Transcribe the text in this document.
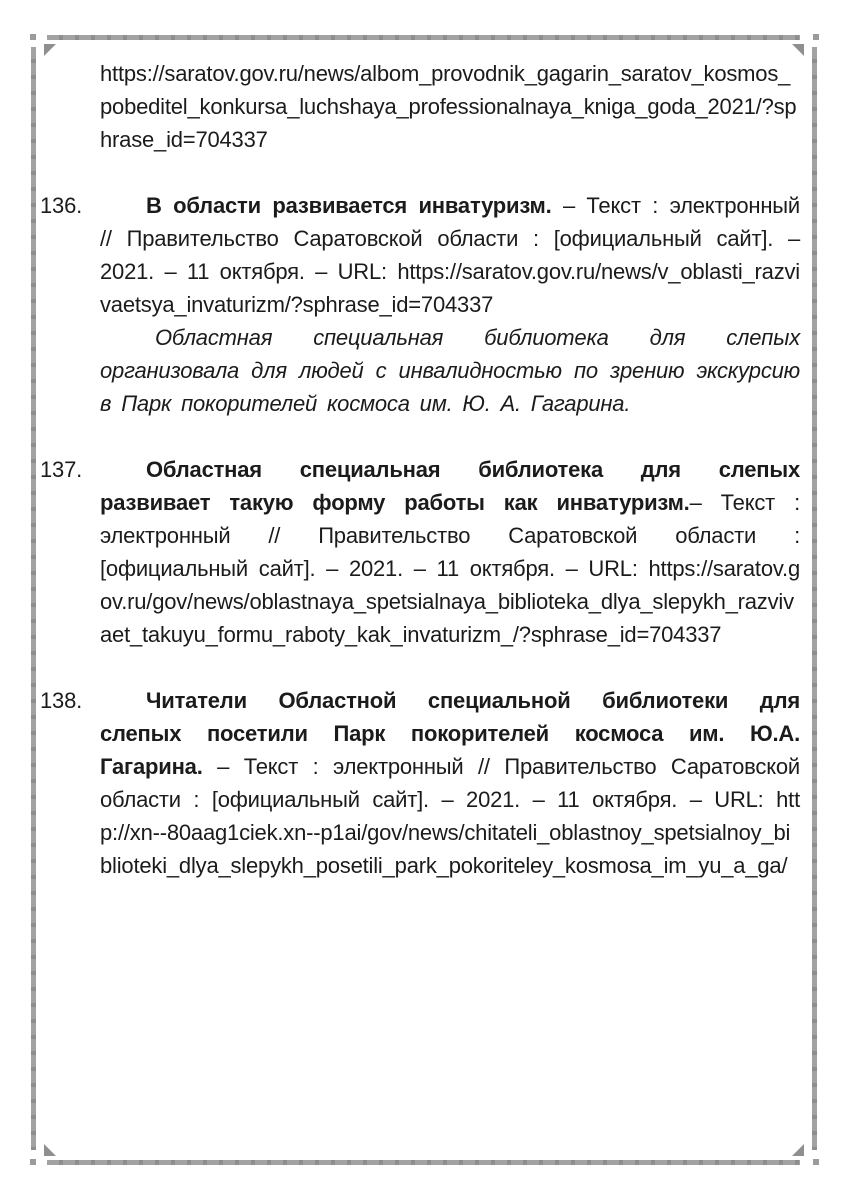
https://saratov.gov.ru/news/albom_provodnik_gagarin_saratov_kosmos_pobeditel_konkursa_luchshaya_professionalnaya_kniga_goda_2021/?sphrase_id=704337

136.	В области развивается инватуризм. – Текст : электронный // Правительство Саратовской области : [официальный сайт]. – 2021. – 11 октября. – URL: https://saratov.gov.ru/news/v_oblasti_razvivaetsya_invaturizm/?sphrase_id=704337

Областная специальная библиотека для слепых организовала для людей с инвалидностью по зрению экскурсию в Парк покорителей космоса им. Ю. А. Гагарина.

137.	Областная специальная библиотека для слепых развивает такую форму работы как инватуризм.– Текст : электронный // Правительство Саратовской области : [официальный сайт]. – 2021. – 11 октября. – URL: https://saratov.gov.ru/gov/news/oblastnaya_spetsialnaya_biblioteka_dlya_slepykh_razvivaet_takuyu_formu_raboty_kak_invaturizm_/?sphrase_id=704337

138.	Читатели Областной специальной библиотеки для слепых посетили Парк покорителей космоса им. Ю.А. Гагарина. – Текст : электронный // Правительство Саратовской области : [официальный сайт]. – 2021. – 11 октября. – URL: http://xn--80aag1ciek.xn--p1ai/gov/news/chitateli_oblastnoy_spetsialnoy_biblioteki_dlya_slepykh_posetili_park_pokoriteley_kosmosa_im_yu_a_ga/
